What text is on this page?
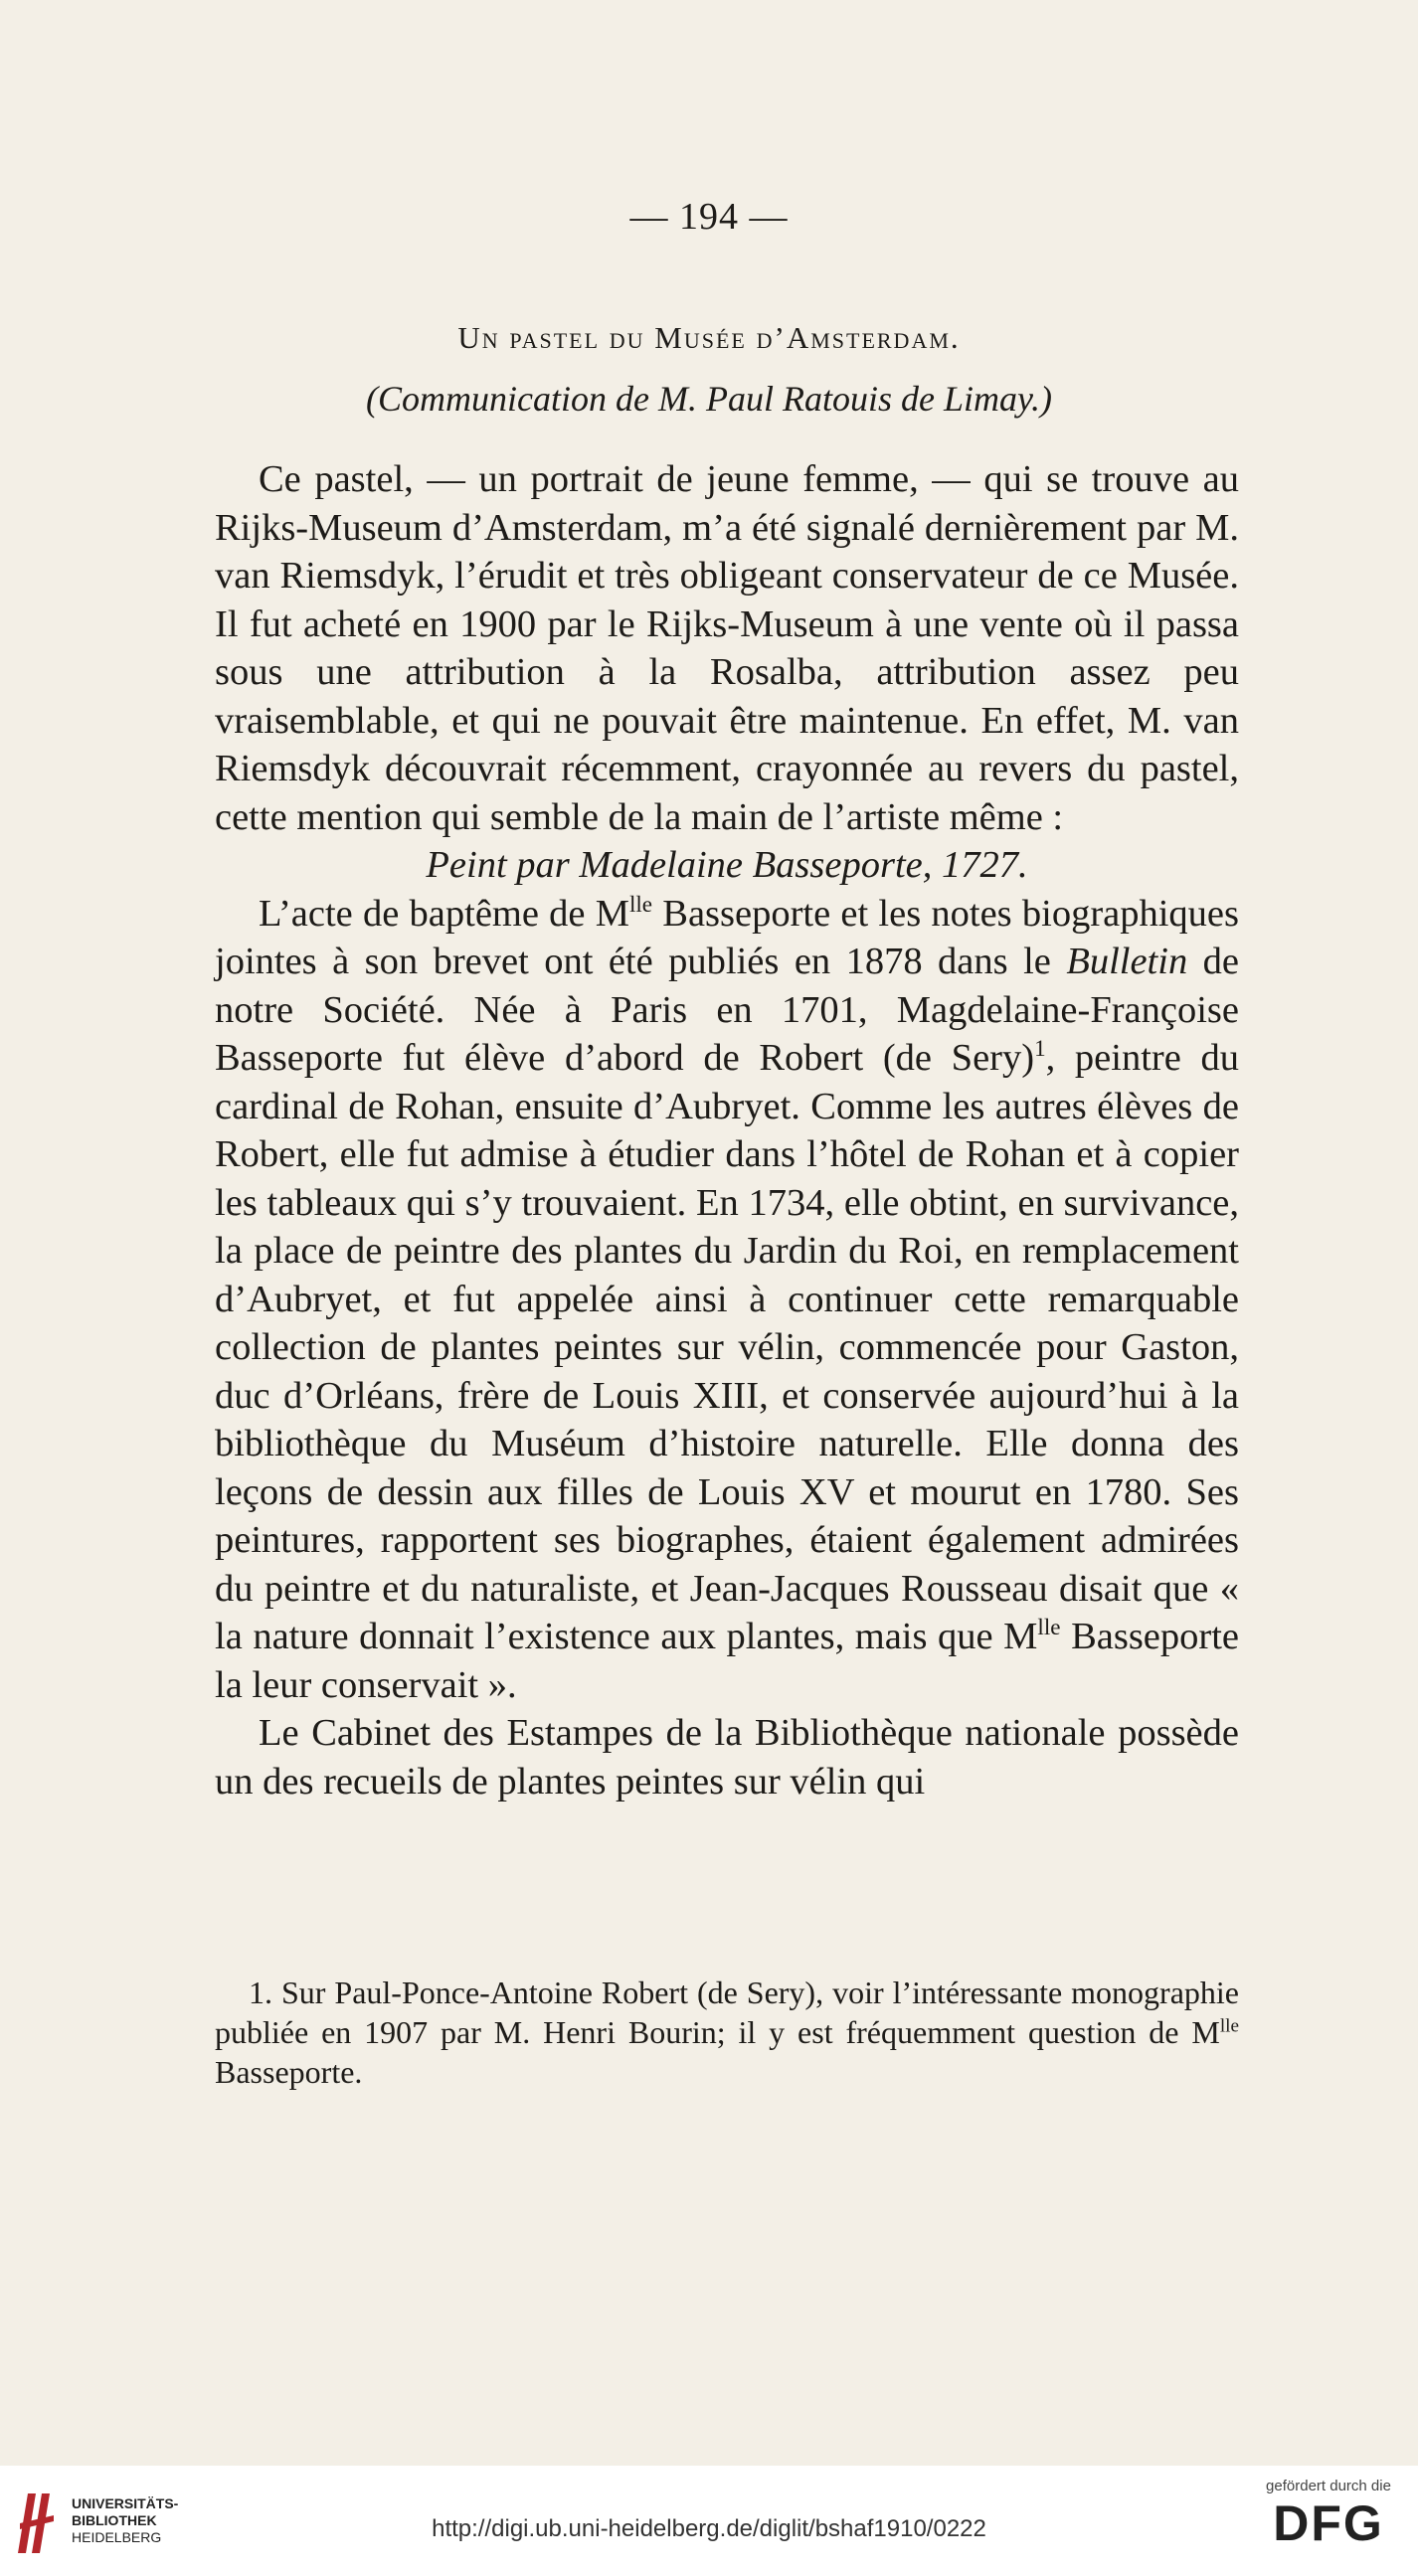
— 194 —
Un pastel du Musée d’Amsterdam.
(Communication de M. Paul Ratouis de Limay.)

Ce pastel, — un portrait de jeune femme, — qui se trouve au Rijks-Museum d’Amsterdam, m’a été signalé dernièrement par M. van Riemsdyk, l’érudit et très obligeant conservateur de ce Musée. Il fut acheté en 1900 par le Rijks-Museum à une vente où il passa sous une attribution à la Rosalba, attribution assez peu vraisemblable, et qui ne pouvait être maintenue. En effet, M. van Riemsdyk découvrait récemment, crayonnée au revers du pastel, cette mention qui semble de la main de l’artiste même :

Peint par Madelaine Basseporte, 1727.

L’acte de baptême de $M^{lle}$ Basseporte et les notes biographiques jointes à son brevet ont été publiés en 1878 dans le Bulletin de notre Société. Née à Paris en 1701, Magdelaine-Françoise Basseporte fut élève d’abord de Robert (de Sery)$^1$, peintre du cardinal de Rohan, ensuite d’Aubryet. Comme les autres élèves de Robert, elle fut admise à étudier dans l’hôtel de Rohan et à copier les tableaux qui s’y trouvaient. En 1734, elle obtint, en survivance, la place de peintre des plantes du Jardin du Roi, en remplacement d’Aubryet, et fut appelée ainsi à continuer cette remarquable collection de plantes peintes sur vélin, commencée pour Gaston, duc d’Orléans, frère de Louis XIII, et conservée aujourd’hui à la bibliothèque du Muséum d’histoire naturelle. Elle donna des leçons de dessin aux filles de Louis XV et mourut en 1780. Ses peintures, rapportent ses biographes, étaient également admirées du peintre et du naturaliste, et Jean-Jacques Rousseau disait que « la nature donnait l’existence aux plantes, mais que $M^{lle}$ Basseporte la leur conservait ».

Le Cabinet des Estampes de la Bibliothèque nationale possède un des recueils de plantes peintes sur vélin qui

1. Sur Paul-Ponce-Antoine Robert (de Sery), voir l’intéressante monographie publiée en 1907 par M. Henri Bourin; il y est fréquemment question de $M^{lle}$ Basseporte.

UNIVERSITÄTS-
BIBLIOTHEK
HEIDELBERG	http://digi.ub.uni-heidelberg.de/diglit/bshaf1910/0222
gefördert durch die
DFG
